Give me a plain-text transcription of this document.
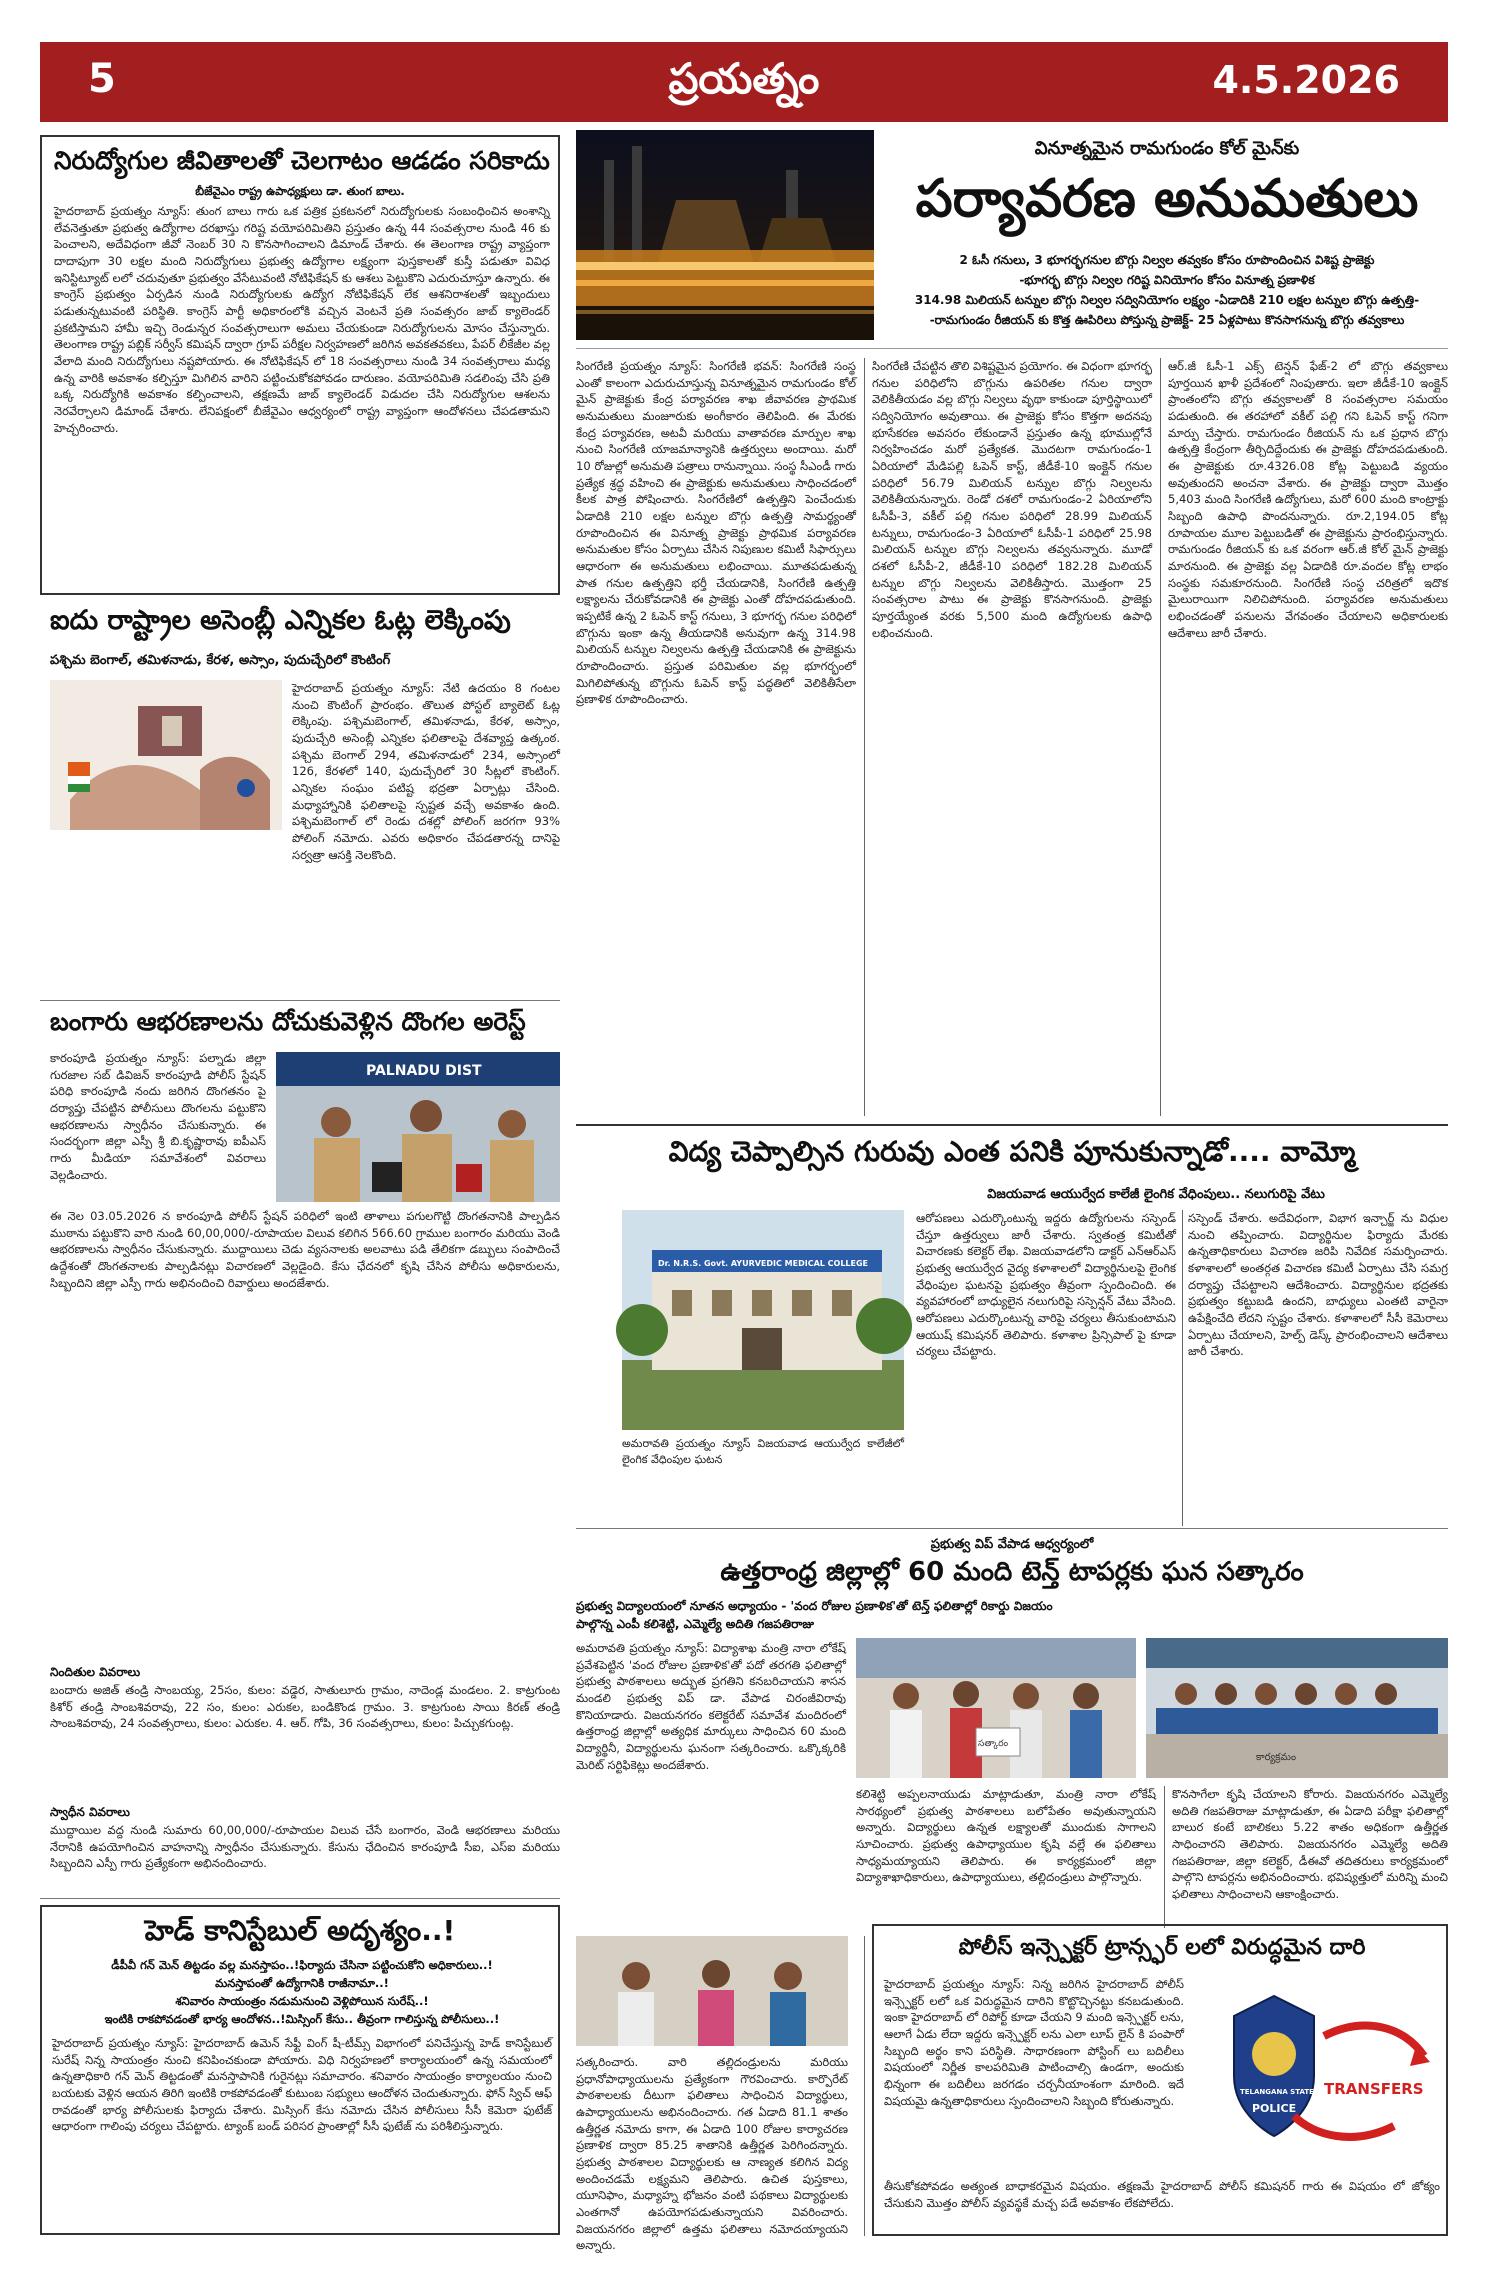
5	ప్రయత్నం	4.5.2026
నిరుద్యోగుల జీవితాలతో చెలగాటం ఆడడం సరికాదు
బీజేవైఎం రాష్ట్ర ఉపాధ్యక్షులు డా. తుంగ బాలు.
హైదరాబాద్ ప్రయత్నం న్యూస్: తుంగ బాలు గారు ఒక పత్రిక ప్రకటనలో నిరుద్యోగులకు సంబంధించిన అంశాన్ని లేవనెత్తుతూ ప్రభుత్వ ఉద్యోగాల దరఖాస్తు గరిష్ట వయోపరిమితిని ప్రస్తుతం ఉన్న 44 సంవత్సరాల నుండి 46 కు పెంచాలని, అదేవిధంగా జీవో నెంబర్ 30 ని కొనసాగించాలని డిమాండ్ చేశారు. ఈ తెలంగాణ రాష్ట్ర వ్యాప్తంగా దాదాపుగా 30 లక్షల మంది నిరుద్యోగులు ప్రభుత్వ ఉద్యోగాల లక్ష్యంగా పుస్తకాలతో కుస్తీ పడుతూ వివిధ ఇనిస్టిట్యూట్ లలో చదువుతూ ప్రభుత్వం వేసేటువంటి నోటిఫికేషన్ కు ఆశలు పెట్టుకొని ఎదురుచూస్తూ ఉన్నారు. ఈ కాంగ్రెస్ ప్రభుత్వం ఏర్పడిన నుండి నిరుద్యోగులకు ఉద్యోగ నోటిఫికేషన్ లేక ఆశనిరాశలతో ఇబ్బందులు పడుతున్నటువంటి పరిస్థితి. కాంగ్రెస్ పార్టీ అధికారంలోకి వచ్చిన వెంటనే ప్రతి సంవత్సరం జాబ్ క్యాలెండర్ ప్రకటిస్తామని హామీ ఇచ్చి రెండున్నర సంవత్సరాలుగా అమలు చేయకుండా నిరుద్యోగులను మోసం చేస్తున్నారు. తెలంగాణ రాష్ట్ర పబ్లిక్ సర్వీస్ కమిషన్ ద్వారా గ్రూప్ పరీక్షల నిర్వహణలో జరిగిన అవకతవకలు, పేపర్ లీకేజీల వల్ల వేలాది మంది నిరుద్యోగులు నష్టపోయారు. ఈ నోటిఫికేషన్ లో 18 సంవత్సరాలు నుండి 34 సంవత్సరాలు మధ్య ఉన్న వారికి అవకాశం కల్పిస్తూ మిగిలిన వారిని పట్టించుకోకపోవడం దారుణం. వయోపరిమితి సడలింపు చేసి ప్రతి ఒక్క నిరుద్యోగికి అవకాశం కల్పించాలని, తక్షణమే జాబ్ క్యాలెండర్ విడుదల చేసి నిరుద్యోగుల ఆశలను నెరవేర్చాలని డిమాండ్ చేశారు. లేనిపక్షంలో బీజేవైఎం ఆధ్వర్యంలో రాష్ట్ర వ్యాప్తంగా ఆందోళనలు చేపడతామని హెచ్చరించారు.
ఐదు రాష్ట్రాల అసెంబ్లీ ఎన్నికల ఓట్ల లెక్కింపు
పశ్చిమ బెంగాల్, తమిళనాడు, కేరళ, అస్సాం, పుదుచ్చేరిలో కౌంటింగ్
హైదరాబాద్ ప్రయత్నం న్యూస్: నేటి ఉదయం 8 గంటల నుంచి కౌంటింగ్ ప్రారంభం. తొలుత పోస్టల్ బ్యాలెట్ ఓట్ల లెక్కింపు. పశ్చిమబెంగాల్, తమిళనాడు, కేరళ, అస్సాం, పుదుచ్చేరి అసెంబ్లీ ఎన్నికల ఫలితాలపై దేశవ్యాప్త ఉత్కంఠ. పశ్చిమ బెంగాల్ 294, తమిళనాడులో 234, అస్సాంలో 126, కేరళలో 140, పుదుచ్చేరిలో 30 సీట్లలో కౌంటింగ్. ఎన్నికల సంఘం పటిష్ట భద్రతా ఏర్పాట్లు చేసింది. మధ్యాహ్నానికి ఫలితాలపై స్పష్టత వచ్చే అవకాశం ఉంది. పశ్చిమబెంగాల్ లో రెండు దశల్లో పోలింగ్ జరగగా 93% పోలింగ్ నమోదు. ఎవరు అధికారం చేపడతారన్న దానిపై సర్వత్రా ఆసక్తి నెలకొంది.
బంగారు ఆభరణాలను దోచుకువెళ్లిన దొంగల అరెస్ట్
కారంపూడి ప్రయత్నం న్యూస్: పల్నాడు జిల్లా గురజాల సబ్ డివిజన్ కారంపూడి పోలీస్ స్టేషన్ పరిధి కారంపూడి నందు జరిగిన దొంగతనం పై దర్యాప్తు చేపట్టిన పోలీసులు దొంగలను పట్టుకొని ఆభరణాలను స్వాధీనం చేసుకున్నారు. ఈ సందర్భంగా జిల్లా ఎస్పీ శ్రీ బి.కృష్ణారావు ఐపీఎస్ గారు మీడియా సమావేశంలో వివరాలు వెల్లడించారు.
PALNADU DIST
ఈ నెల 03.05.2026 న కారంపూడి పోలీస్ స్టేషన్ పరిధిలో ఇంటి తాళాలు పగులగొట్టి దొంగతనానికి పాల్పడిన ముఠాను పట్టుకొని వారి నుండి 60,00,000/-రూపాయల విలువ కలిగిన 566.60 గ్రాముల బంగారం మరియు వెండి ఆభరణాలను స్వాధీనం చేసుకున్నారు. ముద్దాయిలు చెడు వ్యసనాలకు అలవాటు పడి తేలికగా డబ్బులు సంపాదించే ఉద్దేశంతో దొంగతనాలకు పాల్పడినట్లు విచారణలో వెల్లడైంది. కేసు ఛేదనలో కృషి చేసిన పోలీసు అధికారులను, సిబ్బందిని జిల్లా ఎస్పీ గారు అభినందించి రివార్డులు అందజేశారు.
నిందితుల వివరాలు
బందారు అజిత్ తండ్రి సాంబయ్య, 25సం, కులం: వడ్డెర, సాతులూరు గ్రామం, నాదెండ్ల మండలం. 2. కాట్రగుంట కిశోర్ తండ్రి సాంబశివరావు, 22 సం, కులం: ఎరుకల, బండికొండ గ్రామం. 3. కాట్రగుంట సాయి కిరణ్ తండ్రి సాంబశివరావు, 24 సంవత్సరాలు, కులం: ఎరుకల. 4. ఆర్. గోపి, 36 సంవత్సరాలు, కులం: పిచ్చుకగుంట్ల.
స్వాధీన వివరాలు
ముద్దాయిల వద్ద నుండి సుమారు 60,00,000/-రూపాయల విలువ చేసే బంగారం, వెండి ఆభరణాలు మరియు నేరానికి ఉపయోగించిన వాహనాన్ని స్వాధీనం చేసుకున్నారు. కేసును ఛేదించిన కారంపూడి సీఐ, ఎస్ఐ మరియు సిబ్బందిని ఎస్పీ గారు ప్రత్యేకంగా అభినందించారు.
హెడ్ కానిస్టేబుల్ అదృశ్యం..!
డీపీవీ గన్ మెన్ తిట్టడం వల్ల మనస్తాపం..!ఫిర్యాదు చేసినా పట్టించుకోని అధికారులు..!
మనస్తాపంతో ఉద్యోగానికి రాజీనామా..!
శనివారం సాయంత్రం నడుమనుంచి వెళ్లిపోయిన సురేష్..!
ఇంటికి రాకపోవడంతో భార్య ఆందోళన..!మిస్సింగ్ కేసు.. తీవ్రంగా గాలిస్తున్న పోలీసులు..!
హైదరాబాద్ ప్రయత్నం న్యూస్: హైదరాబాద్ ఉమెన్ సేఫ్టీ వింగ్ షీ-టీమ్స్ విభాగంలో పనిచేస్తున్న హెడ్ కానిస్టేబుల్ సురేష్ నిన్న సాయంత్రం నుంచి కనిపించకుండా పోయారు. విధి నిర్వహణలో కార్యాలయంలో ఉన్న సమయంలో ఉన్నతాధికారి గన్ మెన్ తిట్టడంతో మనస్తాపానికి గురైనట్లు సమాచారం. శనివారం సాయంత్రం కార్యాలయం నుంచి బయటకు వెళ్లిన ఆయన తిరిగి ఇంటికి రాకపోవడంతో కుటుంబ సభ్యులు ఆందోళన చెందుతున్నారు. ఫోన్ స్విచ్ ఆఫ్ రావడంతో భార్య పోలీసులకు ఫిర్యాదు చేశారు. మిస్సింగ్ కేసు నమోదు చేసిన పోలీసులు సీసీ కెమెరా ఫుటేజ్ ఆధారంగా గాలింపు చర్యలు చేపట్టారు. ట్యాంక్ బండ్ పరిసర ప్రాంతాల్లో సీసీ ఫుటేజ్ ను పరిశీలిస్తున్నారు.
వినూత్నమైన రామగుండం కోల్ మైన్‌కు
పర్యావరణ అనుమతులు
2 ఓసీ గనులు, 3 భూగర్భగనుల బొగ్గు నిల్వల తవ్వకం కోసం రూపొందించిన విశిష్ట ప్రాజెక్టు
-భూగర్భ బొగ్గు నిల్వల గరిష్ట వినియోగం కోసం వినూత్న ప్రణాళిక
314.98 మిలియన్ టన్నుల బొగ్గు నిల్వల సద్వినియోగం లక్ష్యం -ఏడాదికి 210 లక్షల టన్నుల బొగ్గు ఉత్పత్తి-
-రామగుండం రీజియన్ కు కొత్త ఊపిరిలు పోస్తున్న ప్రాజెక్ట్- 25 ఏళ్లపాటు కొనసాగనున్న బొగ్గు తవ్వకాలు
సింగరేణి ప్రయత్నం న్యూస్: సింగరేణి భవన్: సింగరేణి సంస్థ ఎంతో కాలంగా ఎదురుచూస్తున్న వినూత్నమైన రామగుండం కోల్ మైన్ ప్రాజెక్టుకు కేంద్ర పర్యావరణ శాఖ జీవావరణ ప్రాథమిక అనుమతులు మంజూరుకు అంగీకారం తెలిపింది. ఈ మేరకు కేంద్ర పర్యావరణ, అటవీ మరియు వాతావరణ మార్పుల శాఖ నుంచి సింగరేణి యాజమాన్యానికి ఉత్తర్వులు అందాయి. మరో 10 రోజుల్లో అనుమతి పత్రాలు రానున్నాయి. సంస్థ సీఎండీ గారు ప్రత్యేక శ్రద్ధ వహించి ఈ ప్రాజెక్టుకు అనుమతులు సాధించడంలో కీలక పాత్ర పోషించారు. సింగరేణిలో ఉత్పత్తిని పెంచేందుకు ఏడాదికి 210 లక్షల టన్నుల బొగ్గు ఉత్పత్తి సామర్థ్యంతో రూపొందించిన ఈ వినూత్న ప్రాజెక్టు ప్రాథమిక పర్యావరణ అనుమతుల కోసం ఏర్పాటు చేసిన నిపుణుల కమిటీ సిఫార్సులు ఆధారంగా ఈ అనుమతులు లభించాయి. మూతపడుతున్న పాత గనుల ఉత్పత్తిని భర్తీ చేయడానికి, సింగరేణి ఉత్పత్తి లక్ష్యాలను చేరుకోవడానికి ఈ ప్రాజెక్టు ఎంతో దోహదపడుతుంది. ఇప్పటికే ఉన్న 2 ఓపెన్ కాస్ట్ గనులు, 3 భూగర్భ గనుల పరిధిలో బొగ్గును ఇంకా ఉన్న తీయడానికి అనువుగా ఉన్న 314.98 మిలియన్ టన్నుల నిల్వలను ఉత్పత్తి చేయడానికి ఈ ప్రాజెక్టును రూపొందించారు. ప్రస్తుత పరిమితుల వల్ల భూగర్భంలో మిగిలిపోతున్న బొగ్గును ఓపెన్ కాస్ట్ పద్ధతిలో వెలికితీసేలా ప్రణాళిక రూపొందించారు.
సింగరేణి చేపట్టిన తొలి విశిష్టమైన ప్రయోగం. ఈ విధంగా భూగర్భ గనుల పరిధిలోని బొగ్గును ఉపరితల గనుల ద్వారా వెలికితీయడం వల్ల బొగ్గు నిల్వలు వృథా కాకుండా పూర్తిస్థాయిలో సద్వినియోగం అవుతాయి. ఈ ప్రాజెక్టు కోసం కొత్తగా అదనపు భూసేకరణ అవసరం లేకుండానే ప్రస్తుతం ఉన్న భూముల్లోనే నిర్వహించడం మరో ప్రత్యేకత. మొదటగా రామగుండం-1 ఏరియాలో మేడిపల్లి ఓపెన్ కాస్ట్, జీడీకే-10 ఇంక్లైన్ గనుల పరిధిలో 56.79 మిలియన్ టన్నుల బొగ్గు నిల్వలను వెలికితీయనున్నారు. రెండో దశలో రామగుండం-2 ఏరియాలోని ఓసీపీ-3, వకీల్ పల్లి గనుల పరిధిలో 28.99 మిలియన్ టన్నులు, రామగుండం-3 ఏరియాలో ఓసీపీ-1 పరిధిలో 25.98 మిలియన్ టన్నుల బొగ్గు నిల్వలను తవ్వనున్నారు. మూడో దశలో ఓసీపీ-2, జీడీకే-10 పరిధిలో 182.28 మిలియన్ టన్నుల బొగ్గు నిల్వలను వెలికితీస్తారు. మొత్తంగా 25 సంవత్సరాల పాటు ఈ ప్రాజెక్టు కొనసాగనుంది. ప్రాజెక్టు పూర్తయ్యేంత వరకు 5,500 మంది ఉద్యోగులకు ఉపాధి లభించనుంది.
ఆర్.జీ ఓసీ-1 ఎక్స్ టెన్షన్ ఫేజ్-2 లో బొగ్గు తవ్వకాలు పూర్తయిన ఖాళీ ప్రదేశంలో నింపుతారు. ఇలా జీడీకే-10 ఇంక్లైన్ ప్రాంతంలోని బొగ్గు తవ్వకాలతో 8 సంవత్సరాల సమయం పడుతుంది. ఈ తరహాలో వకీల్ పల్లి గని ఓపెన్ కాస్ట్ గనిగా మార్పు చేస్తారు. రామగుండం రీజియన్ ను ఒక ప్రధాన బొగ్గు ఉత్పత్తి కేంద్రంగా తీర్చిదిద్దేందుకు ఈ ప్రాజెక్టు దోహదపడుతుంది. ఈ ప్రాజెక్టుకు రూ.4326.08 కోట్ల పెట్టుబడి వ్యయం అవుతుందని అంచనా వేశారు. ఈ ప్రాజెక్టు ద్వారా మొత్తం 5,403 మంది సింగరేణి ఉద్యోగులు, మరో 600 మంది కాంట్రాక్టు సిబ్బంది ఉపాధి పొందనున్నారు. రూ.2,194.05 కోట్ల రూపాయల మూల పెట్టుబడితో ఈ ప్రాజెక్టును ప్రారంభిస్తున్నారు. రామగుండం రీజియన్ కు ఒక వరంగా ఆర్.జీ కోల్ మైన్ ప్రాజెక్టు మారనుంది. ఈ ప్రాజెక్టు వల్ల ఏడాదికి రూ.వందల కోట్ల లాభం సంస్థకు సమకూరనుంది. సింగరేణి సంస్థ చరిత్రలో ఇదొక మైలురాయిగా నిలిచిపోనుంది. పర్యావరణ అనుమతులు లభించడంతో పనులను వేగవంతం చేయాలని అధికారులకు ఆదేశాలు జారీ చేశారు.
విద్య చెప్పాల్సిన గురువు ఎంత పనికి పూనుకున్నాడో.... వామ్మో
విజయవాడ ఆయుర్వేద కాలేజీ లైంగిక వేధింపులు.. నలుగురిపై వేటు
Dr. N.R.S. Govt. AYURVEDIC MEDICAL COLLEGE
అమరావతి ప్రయత్నం న్యూస్ విజయవాడ ఆయుర్వేద కాలేజీలో లైంగిక వేధింపుల ఘటన
ఆరోపణలు ఎదుర్కొంటున్న ఇద్దరు ఉద్యోగులను సస్పెండ్ చేస్తూ ఉత్తర్వులు జారీ చేశారు. స్వతంత్ర కమిటీతో విచారణకు కలెక్టర్ లేఖ. విజయవాడలోని డాక్టర్ ఎన్ఆర్ఎస్ ప్రభుత్వ ఆయుర్వేద వైద్య కళాశాలలో విద్యార్థినులపై లైంగిక వేధింపుల ఘటనపై ప్రభుత్వం తీవ్రంగా స్పందించింది. ఈ వ్యవహారంలో బాధ్యులైన నలుగురిపై సస్పెన్షన్ వేటు వేసింది. ఆరోపణలు ఎదుర్కొంటున్న వారిపై చర్యలు తీసుకుంటామని ఆయుష్ కమిషనర్ తెలిపారు. కళాశాల ప్రిన్సిపాల్ పై కూడా చర్యలు చేపట్టారు.
సస్పెండ్ చేశారు. అదేవిధంగా, విభాగ ఇన్చార్జ్ ను విధుల నుంచి తప్పించారు. విద్యార్థినుల ఫిర్యాదు మేరకు ఉన్నతాధికారులు విచారణ జరిపి నివేదిక సమర్పించారు. కళాశాలలో అంతర్గత విచారణ కమిటీ ఏర్పాటు చేసి సమగ్ర దర్యాప్తు చేపట్టాలని ఆదేశించారు. విద్యార్థినుల భద్రతకు ప్రభుత్వం కట్టుబడి ఉందని, బాధ్యులు ఎంతటి వారైనా ఉపేక్షించేది లేదని స్పష్టం చేశారు. కళాశాలలో సీసీ కెమెరాలు ఏర్పాటు చేయాలని, హెల్ప్ డెస్క్ ప్రారంభించాలని ఆదేశాలు జారీ చేశారు.
ప్రభుత్వ విప్ వేపాడ ఆధ్వర్యంలో
ఉత్తరాంధ్ర జిల్లాల్లో 60 మంది టెన్త్ టాపర్లకు ఘన సత్కారం
ప్రభుత్వ విద్యాలయంలో నూతన అధ్యాయం - 'వంద రోజుల ప్రణాళిక'తో టెన్త్ ఫలితాల్లో రికార్డు విజయం
పాల్గొన్న ఎంపీ కలిశెట్టి, ఎమ్మెల్యే అదితి గజపతిరాజు
అమరావతి ప్రయత్నం న్యూస్: విద్యాశాఖ మంత్రి నారా లోకేష్ ప్రవేశపెట్టిన 'వంద రోజుల ప్రణాళిక'తో పదో తరగతి ఫలితాల్లో ప్రభుత్వ పాఠశాలలు అద్భుత ప్రగతిని కనబరిచాయని శాసన మండలి ప్రభుత్వ విప్ డా. వేపాడ చిరంజీవిరావు కొనియాడారు. విజయనగరం కలెక్టరేట్ సమావేశ మందిరంలో ఉత్తరాంధ్ర జిల్లాల్లో అత్యధిక మార్కులు సాధించిన 60 మంది విద్యార్థినీ, విద్యార్థులను ఘనంగా సత్కరించారు. ఒక్కొక్కరికి మెరిట్ సర్టిఫికెట్లు అందజేశారు.
సత్కారం
కార్యక్రమం
కలిశెట్టి అప్పలనాయుడు మాట్లాడుతూ, మంత్రి నారా లోకేష్ సారథ్యంలో ప్రభుత్వ పాఠశాలలు బలోపేతం అవుతున్నాయని అన్నారు. విద్యార్థులు ఉన్నత లక్ష్యాలతో ముందుకు సాగాలని సూచించారు. ప్రభుత్వ ఉపాధ్యాయుల కృషి వల్లే ఈ ఫలితాలు సాధ్యమయ్యాయని తెలిపారు. ఈ కార్యక్రమంలో జిల్లా విద్యాశాఖాధికారులు, ఉపాధ్యాయులు, తల్లిదండ్రులు పాల్గొన్నారు.
కొనసాగేలా కృషి చేయాలని కోరారు. విజయనగరం ఎమ్మెల్యే అదితి గజపతిరాజు మాట్లాడుతూ, ఈ ఏడాది పరీక్షా ఫలితాల్లో బాలుర కంటే బాలికలు 5.22 శాతం అధికంగా ఉత్తీర్ణత సాధించారని తెలిపారు. విజయనగరం ఎమ్మెల్యే అదితి గజపతిరాజు, జిల్లా కలెక్టర్, డీఈవో తదితరులు కార్యక్రమంలో పాల్గొని టాపర్లను అభినందించారు. భవిష్యత్తులో మరిన్ని మంచి ఫలితాలు సాధించాలని ఆకాంక్షించారు.
సత్కరించారు. వారి తల్లిదండ్రులను మరియు ప్రధానోపాధ్యాయులను ప్రత్యేకంగా గౌరవించారు. కార్పొరేట్ పాఠశాలలకు దీటుగా ఫలితాలు సాధించిన విద్యార్థులు, ఉపాధ్యాయులను అభినందించారు. గత ఏడాది 81.1 శాతం ఉత్తీర్ణత నమోదు కాగా, ఈ ఏడాది 100 రోజుల కార్యాచరణ ప్రణాళిక ద్వారా 85.25 శాతానికి ఉత్తీర్ణత పెరిగిందన్నారు. ప్రభుత్వ పాఠశాలల విద్యార్థులకు ఆ నాణ్యత కలిగిన విద్య అందించడమే లక్ష్యమని తెలిపారు. ఉచిత పుస్తకాలు, యూనిఫాం, మధ్యాహ్న భోజనం వంటి పథకాలు విద్యార్థులకు ఎంతగానో ఉపయోగపడుతున్నాయని వివరించారు. విజయనగరం జిల్లాలో ఉత్తమ ఫలితాలు నమోదయ్యాయని అన్నారు.
పోలీస్ ఇన్స్పెక్టర్ ట్రాన్స్ఫర్ లలో విరుద్ధమైన దారి
హైదరాబాద్ ప్రయత్నం న్యూస్: నిన్న జరిగిన హైదరాబాద్ పోలీస్ ఇన్స్పెక్టర్ లలో ఒక విరుద్ధమైన దారిని కొట్టొచ్చినట్టు కనబడుతుంది. ఇంకా హైదరాబాద్ లో రిపోర్ట్ కూడా చేయని 9 మంది ఇన్స్పెక్టర్ లను, ఆలాగే ఏడు లేదా ఇద్దరు ఇన్స్పెక్టర్ లను ఎలా లూప్ లైన్ కి పంపారో సిబ్బంది అర్థం కాని పరిస్థితి. సాధారణంగా పోస్టింగ్ లు బదిలీలు విషయంలో నిర్ణీత కాలపరిమితి పాటించాల్సి ఉండగా, అందుకు భిన్నంగా ఈ బదిలీలు జరగడం చర్చనీయాంశంగా మారింది. ఇదే విషయమై ఉన్నతాధికారులు స్పందించాలని సిబ్బంది కోరుతున్నారు.
TELANGANA STATE
POLICE
TRANSFERS
తీసుకోకపోవడం అత్యంత బాధాకరమైన విషయం. తక్షణమే హైదరాబాద్ పోలీస్ కమిషనర్ గారు ఈ విషయం లో జోక్యం చేసుకుని మొత్తం పోలీస్ వ్యవస్థకే మచ్చ పడే అవకాశం లేకపోలేదు.
